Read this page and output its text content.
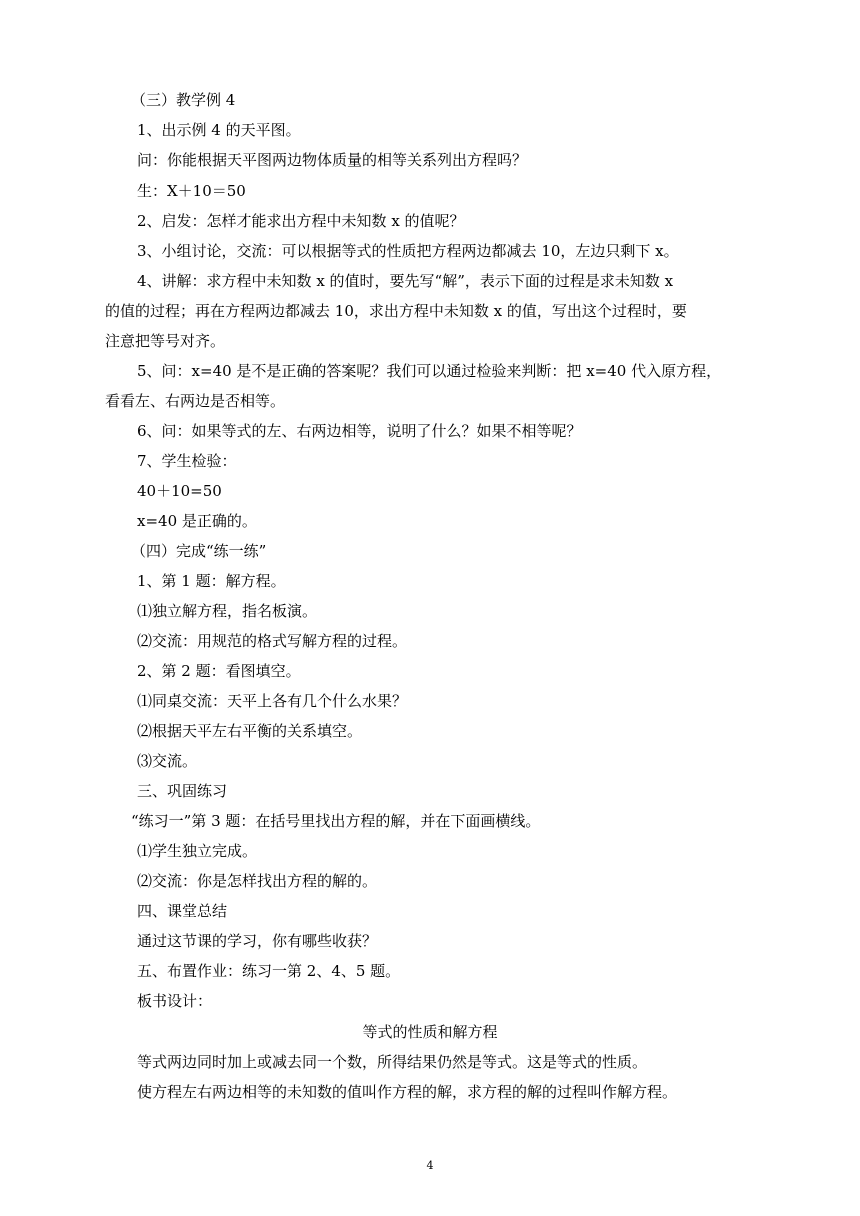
（三）教学例 4
1、出示例 4 的天平图。
问：你能根据天平图两边物体质量的相等关系列出方程吗？
生：X＋10＝50
2、启发：怎样才能求出方程中未知数 x 的值呢？
3、小组讨论，交流：可以根据等式的性质把方程两边都减去 10，左边只剩下 x。
4、讲解：求方程中未知数 x 的值时，要先写“解”，表示下面的过程是求未知数 x
的值的过程；再在方程两边都减去 10，求出方程中未知数 x 的值，写出这个过程时，要
注意把等号对齐。
5、问：x=40 是不是正确的答案呢？我们可以通过检验来判断：把 x=40 代入原方程，
看看左、右两边是否相等。
6、问：如果等式的左、右两边相等，说明了什么？如果不相等呢？
7、学生检验：
40＋10=50
x=40 是正确的。
（四）完成“练一练”
1、第 1 题：解方程。
⑴独立解方程，指名板演。
⑵交流：用规范的格式写解方程的过程。
2、第 2 题：看图填空。
⑴同桌交流：天平上各有几个什么水果？
⑵根据天平左右平衡的关系填空。
⑶交流。
三、巩固练习
“练习一”第 3 题：在括号里找出方程的解，并在下面画横线。
⑴学生独立完成。
⑵交流：你是怎样找出方程的解的。
四、课堂总结
通过这节课的学习，你有哪些收获？
五、布置作业：练习一第 2、4、5 题。
板书设计：
等式的性质和解方程
等式两边同时加上或减去同一个数，所得结果仍然是等式。这是等式的性质。
使方程左右两边相等的未知数的值叫作方程的解，求方程的解的过程叫作解方程。
4
